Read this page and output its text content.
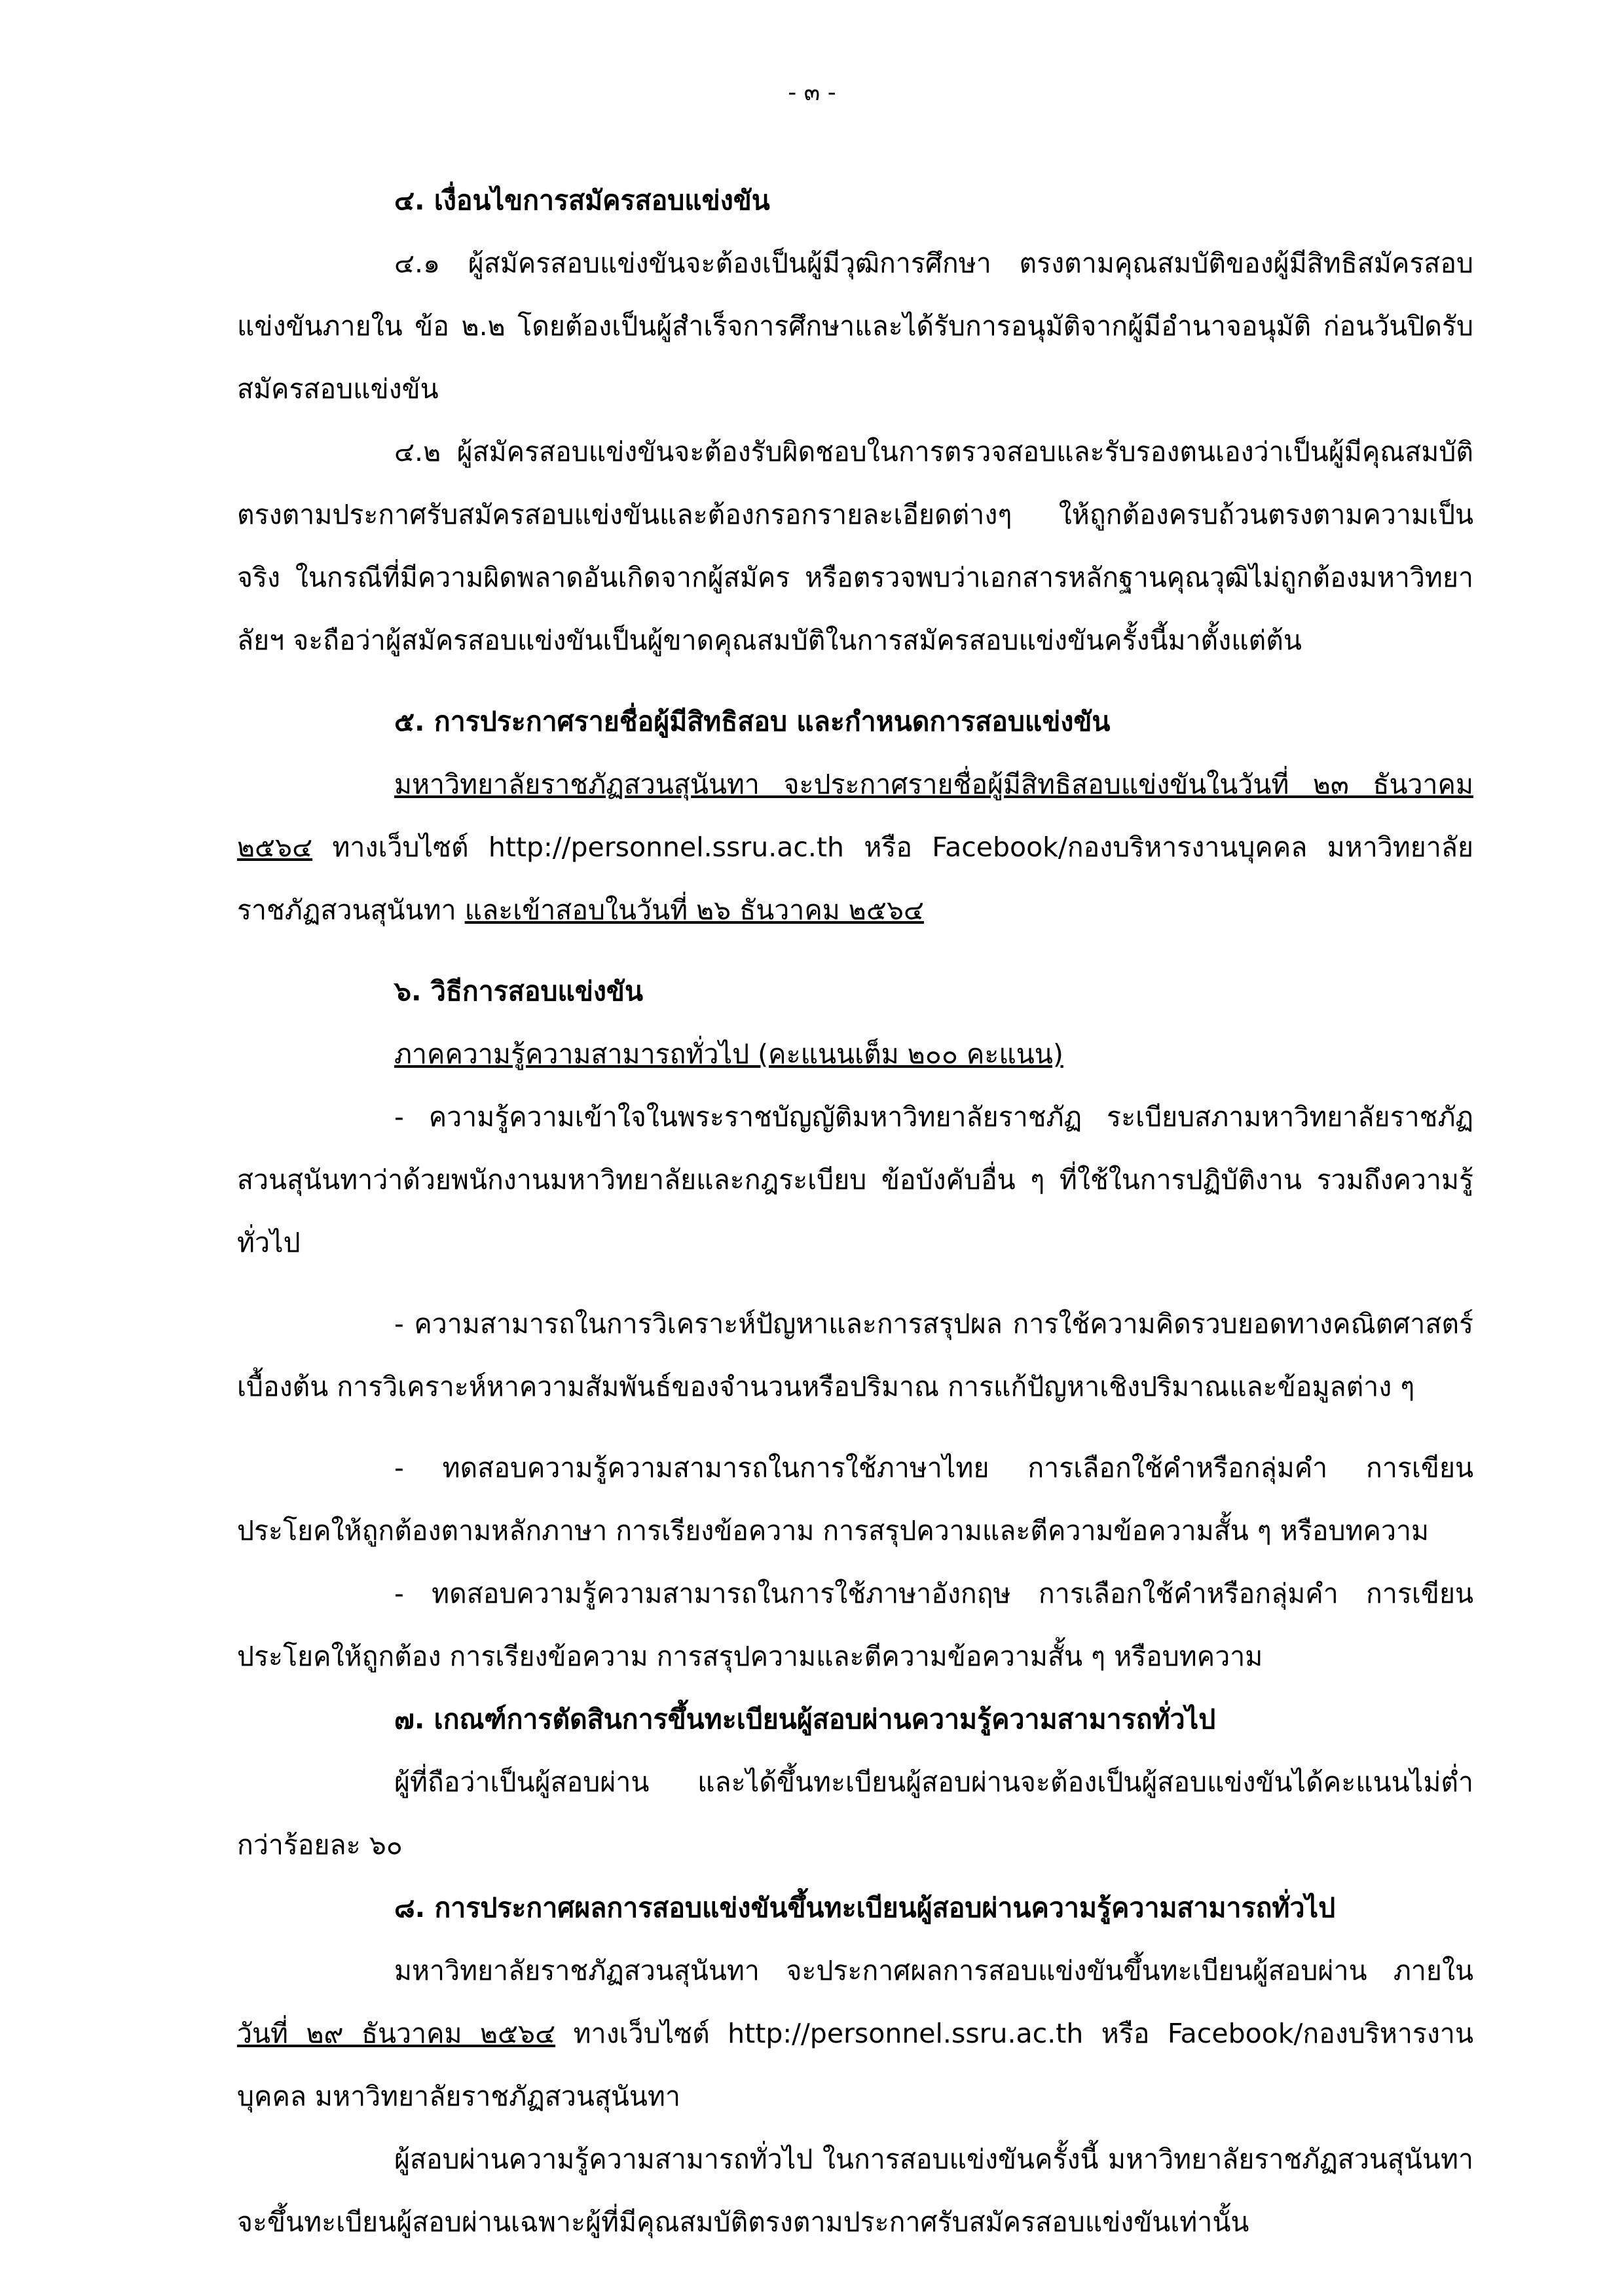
- ๓ -
๔. เงื่อนไขการสมัครสอบแข่งขัน
๔.๑ ผู้สมัครสอบแข่งขันจะต้องเป็นผู้มีวุฒิการศึกษา ตรงตามคุณสมบัติของผู้มีสิทธิสมัครสอบแข่งขันภายใน ข้อ ๒.๒ โดยต้องเป็นผู้สำเร็จการศึกษาและได้รับการอนุมัติจากผู้มีอำนาจอนุมัติ ก่อนวันปิดรับสมัครสอบแข่งขัน
๔.๒ ผู้สมัครสอบแข่งขันจะต้องรับผิดชอบในการตรวจสอบและรับรองตนเองว่าเป็นผู้มีคุณสมบัติตรงตามประกาศรับสมัครสอบแข่งขันและต้องกรอกรายละเอียดต่างๆ ให้ถูกต้องครบถ้วนตรงตามความเป็นจริง ในกรณีที่มีความผิดพลาดอันเกิดจากผู้สมัคร หรือตรวจพบว่าเอกสารหลักฐานคุณวุฒิไม่ถูกต้องมหาวิทยาลัยฯ จะถือว่าผู้สมัครสอบแข่งขันเป็นผู้ขาดคุณสมบัติในการสมัครสอบแข่งขันครั้งนี้มาตั้งแต่ต้น
๕. การประกาศรายชื่อผู้มีสิทธิสอบ และกำหนดการสอบแข่งขัน
มหาวิทยาลัยราชภัฏสวนสุนันทา จะประกาศรายชื่อผู้มีสิทธิสอบแข่งขันในวันที่ ๒๓ ธันวาคม ๒๕๖๔ ทางเว็บไซต์ http://personnel.ssru.ac.th หรือ Facebook/กองบริหารงานบุคคล มหาวิทยาลัยราชภัฏสวนสุนันทา และเข้าสอบในวันที่ ๒๖ ธันวาคม ๒๕๖๔
๖. วิธีการสอบแข่งขัน
ภาคความรู้ความสามารถทั่วไป (คะแนนเต็ม ๒๐๐ คะแนน)
- ความรู้ความเข้าใจในพระราชบัญญัติมหาวิทยาลัยราชภัฏ ระเบียบสภามหาวิทยาลัยราชภัฏสวนสุนันทาว่าด้วยพนักงานมหาวิทยาลัยและกฎระเบียบ ข้อบังคับอื่น ๆ ที่ใช้ในการปฏิบัติงาน รวมถึงความรู้ทั่วไป
- ความสามารถในการวิเคราะห์ปัญหาและการสรุปผล การใช้ความคิดรวบยอดทางคณิตศาสตร์เบื้องต้น การวิเคราะห์หาความสัมพันธ์ของจำนวนหรือปริมาณ การแก้ปัญหาเชิงปริมาณและข้อมูลต่าง ๆ
- ทดสอบความรู้ความสามารถในการใช้ภาษาไทย การเลือกใช้คำหรือกลุ่มคำ การเขียนประโยคให้ถูกต้องตามหลักภาษา การเรียงข้อความ การสรุปความและตีความข้อความสั้น ๆ หรือบทความ
- ทดสอบความรู้ความสามารถในการใช้ภาษาอังกฤษ การเลือกใช้คำหรือกลุ่มคำ การเขียนประโยคให้ถูกต้อง การเรียงข้อความ การสรุปความและตีความข้อความสั้น ๆ หรือบทความ
๗. เกณฑ์การตัดสินการขึ้นทะเบียนผู้สอบผ่านความรู้ความสามารถทั่วไป
ผู้ที่ถือว่าเป็นผู้สอบผ่าน และได้ขึ้นทะเบียนผู้สอบผ่านจะต้องเป็นผู้สอบแข่งขันได้คะแนนไม่ต่ำกว่าร้อยละ ๖๐
๘. การประกาศผลการสอบแข่งขันขึ้นทะเบียนผู้สอบผ่านความรู้ความสามารถทั่วไป
มหาวิทยาลัยราชภัฏสวนสุนันทา จะประกาศผลการสอบแข่งขันขึ้นทะเบียนผู้สอบผ่าน ภายใน วันที่ ๒๙ ธันวาคม ๒๕๖๔ ทางเว็บไซต์ http://personnel.ssru.ac.th หรือ Facebook/กองบริหารงานบุคคล มหาวิทยาลัยราชภัฏสวนสุนันทา
ผู้สอบผ่านความรู้ความสามารถทั่วไป ในการสอบแข่งขันครั้งนี้ มหาวิทยาลัยราชภัฏสวนสุนันทาจะขึ้นทะเบียนผู้สอบผ่านเฉพาะผู้ที่มีคุณสมบัติตรงตามประกาศรับสมัครสอบแข่งขันเท่านั้น
